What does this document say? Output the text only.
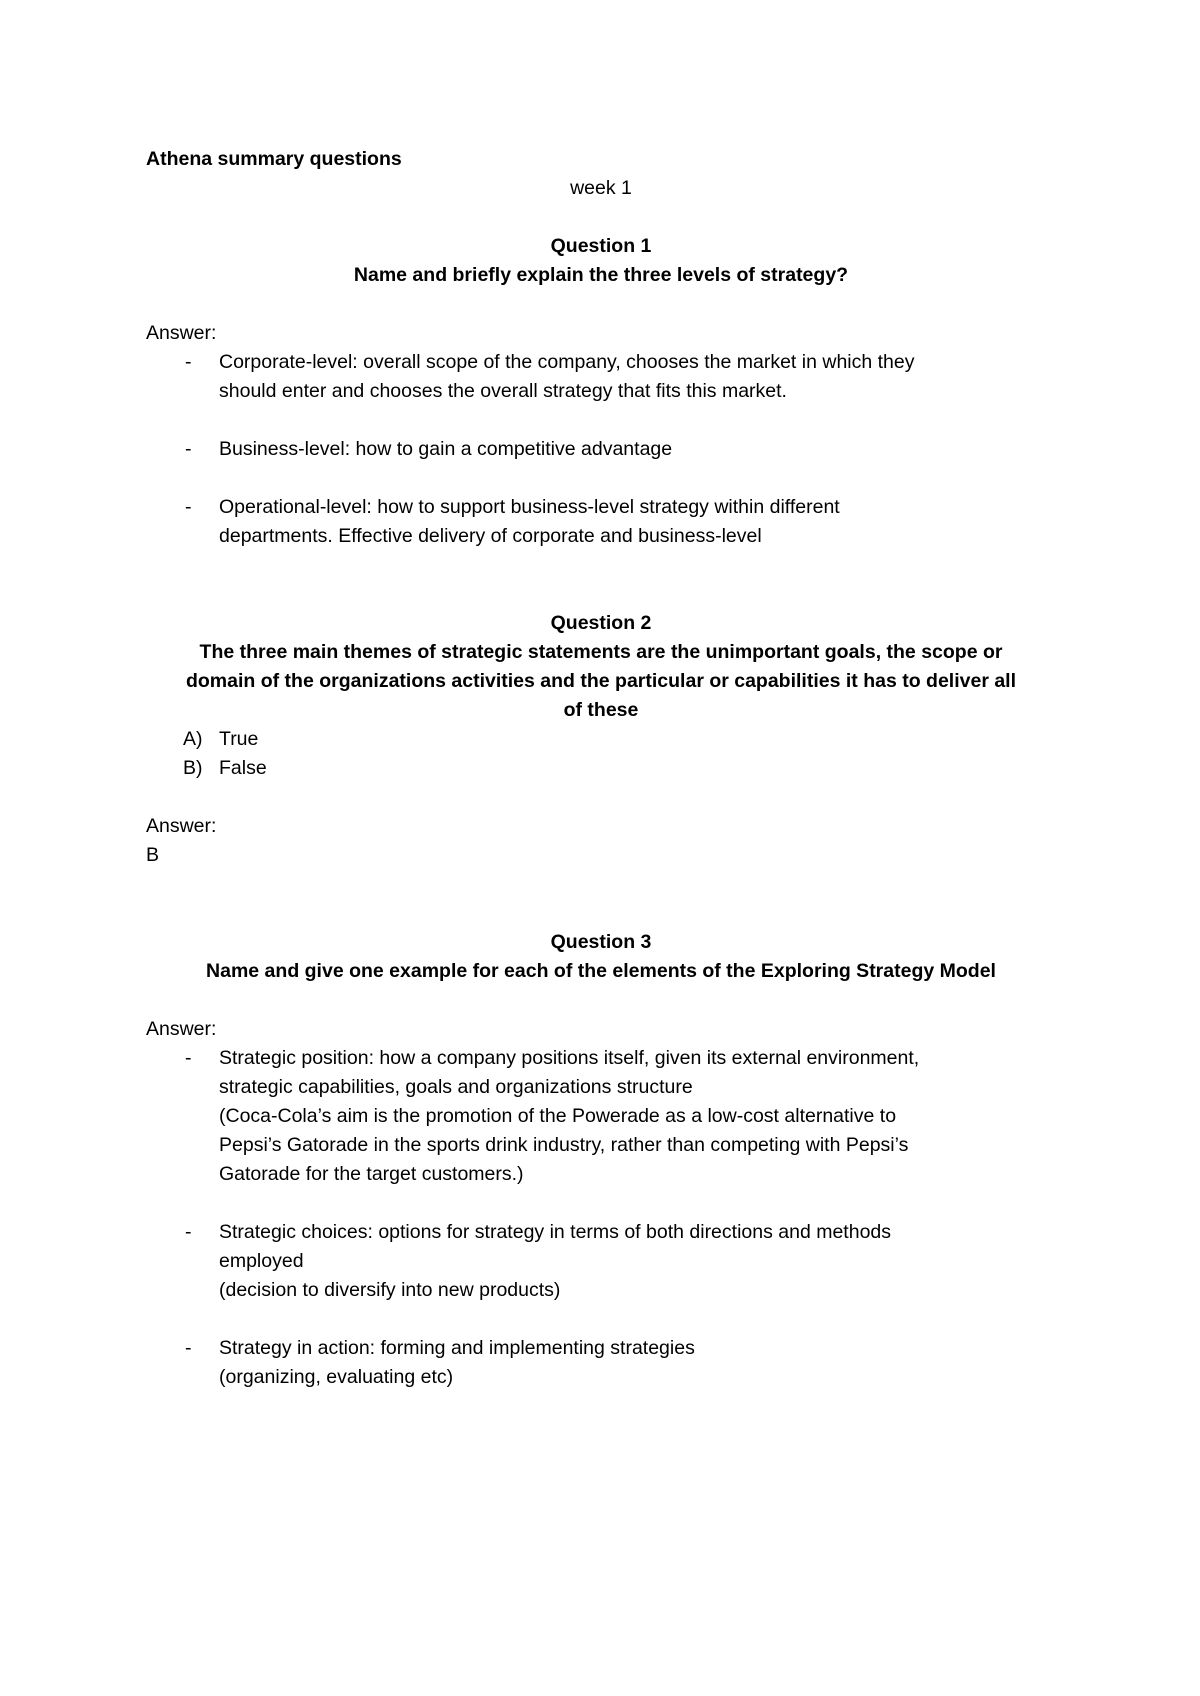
Athena summary questions

week 1

Question 1

Name and briefly explain the three levels of strategy?

Answer:

- Corporate-level: overall scope of the company, chooses the market in which they
should enter and chooses the overall strategy that fits this market.
- Business-level: how to gain a competitive advantage
- Operational-level: how to support business-level strategy within different
departments. Effective delivery of corporate and business-level

Question 2

The three main themes of strategic statements are the unimportant goals, the scope or

domain of the organizations activities and the particular or capabilities it has to deliver all

of these

A) True
B) False

Answer:

B

Question 3

Name and give one example for each of the elements of the Exploring Strategy Model

Answer:

- Strategic position: how a company positions itself, given its external environment,
strategic capabilities, goals and organizations structure
(Coca-Cola’s aim is the promotion of the Powerade as a low-cost alternative to
Pepsi’s Gatorade in the sports drink industry, rather than competing with Pepsi’s
Gatorade for the target customers.)
- Strategic choices: options for strategy in terms of both directions and methods
employed
(decision to diversify into new products)
- Strategy in action: forming and implementing strategies
(organizing, evaluating etc)
